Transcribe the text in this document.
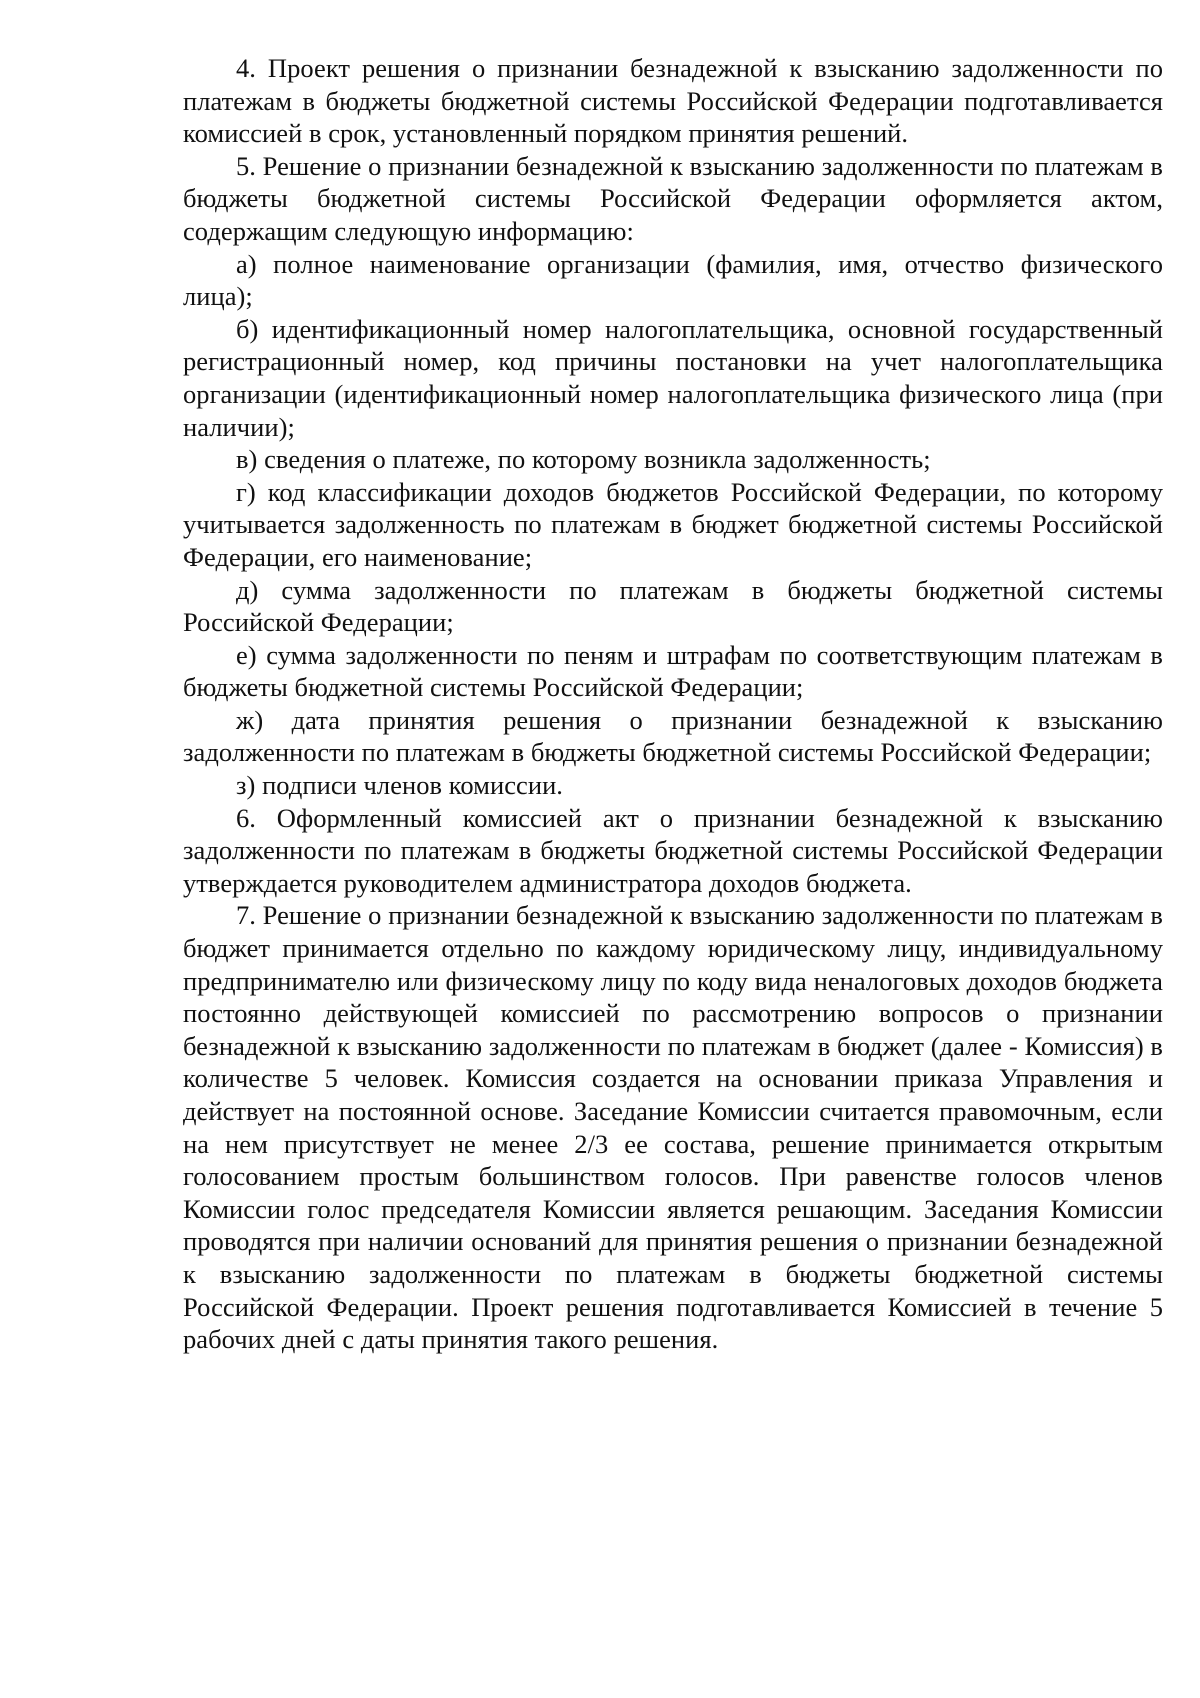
4. Проект решения о признании безнадежной к взысканию задолженности по платежам в бюджеты бюджетной системы Российской Федерации подготавливается комиссией в срок, установленный порядком принятия решений.

5. Решение о признании безнадежной к взысканию задолженности по платежам в бюджеты бюджетной системы Российской Федерации оформляется актом, содержащим следующую информацию:

а) полное наименование организации (фамилия, имя, отчество физического лица);

б) идентификационный номер налогоплательщика, основной государственный регистрационный номер, код причины постановки на учет налогоплательщика организации (идентификационный номер налогоплательщика физического лица (при наличии);

в) сведения о платеже, по которому возникла задолженность;

г) код классификации доходов бюджетов Российской Федерации, по которому учитывается задолженность по платежам в бюджет бюджетной системы Российской Федерации, его наименование;

д) сумма задолженности по платежам в бюджеты бюджетной системы Российской Федерации;

е) сумма задолженности по пеням и штрафам по соответствующим платежам в бюджеты бюджетной системы Российской Федерации;

ж) дата принятия решения о признании безнадежной к взысканию задолженности по платежам в бюджеты бюджетной системы Российской Федерации;

з) подписи членов комиссии.

6. Оформленный комиссией акт о признании безнадежной к взысканию задолженности по платежам в бюджеты бюджетной системы Российской Федерации утверждается руководителем администратора доходов бюджета.

7. Решение о признании безнадежной к взысканию задолженности по платежам в бюджет принимается отдельно по каждому юридическому лицу, индивидуальному предпринимателю или физическому лицу по коду вида неналоговых доходов бюджета постоянно действующей комиссией по рассмотрению вопросов о признании безнадежной к взысканию задолженности по платежам в бюджет (далее - Комиссия) в количестве 5 человек. Комиссия создается на основании приказа Управления и действует на постоянной основе. Заседание Комиссии считается правомочным, если на нем присутствует не менее 2/3 ее состава, решение принимается открытым голосованием простым большинством голосов. При равенстве голосов членов Комиссии голос председателя Комиссии является решающим. Заседания Комиссии проводятся при наличии оснований для принятия решения о признании безнадежной к взысканию задолженности по платежам в бюджеты бюджетной системы Российской Федерации. Проект решения подготавливается Комиссией в течение 5 рабочих дней с даты принятия такого решения.
